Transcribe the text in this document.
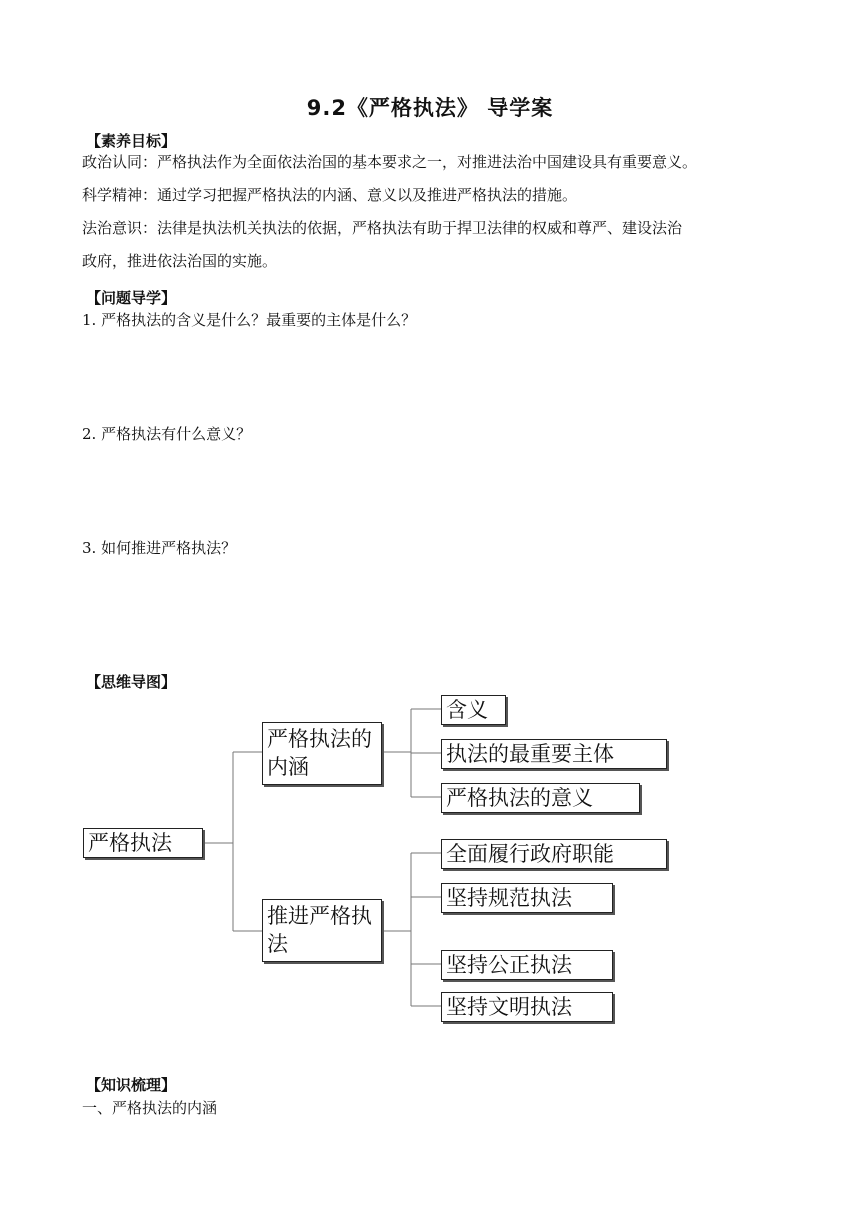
9.2《严格执法》 导学案
【素养目标】
政治认同：严格执法作为全面依法治国的基本要求之一，对推进法治中国建设具有重要意义。
科学精神：通过学习把握严格执法的内涵、意义以及推进严格执法的措施。
法治意识：法律是执法机关执法的依据，严格执法有助于捍卫法律的权威和尊严、建设法治
政府，推进依法治国的实施。
【问题导学】
1. 严格执法的含义是什么？最重要的主体是什么？
2. 严格执法有什么意义？
3. 如何推进严格执法？
【思维导图】
严格执法
严格执法的内涵
推进严格执法
含义
执法的最重要主体
严格执法的意义
全面履行政府职能
坚持规范执法
坚持公正执法
坚持文明执法
【知识梳理】
一、严格执法的内涵
